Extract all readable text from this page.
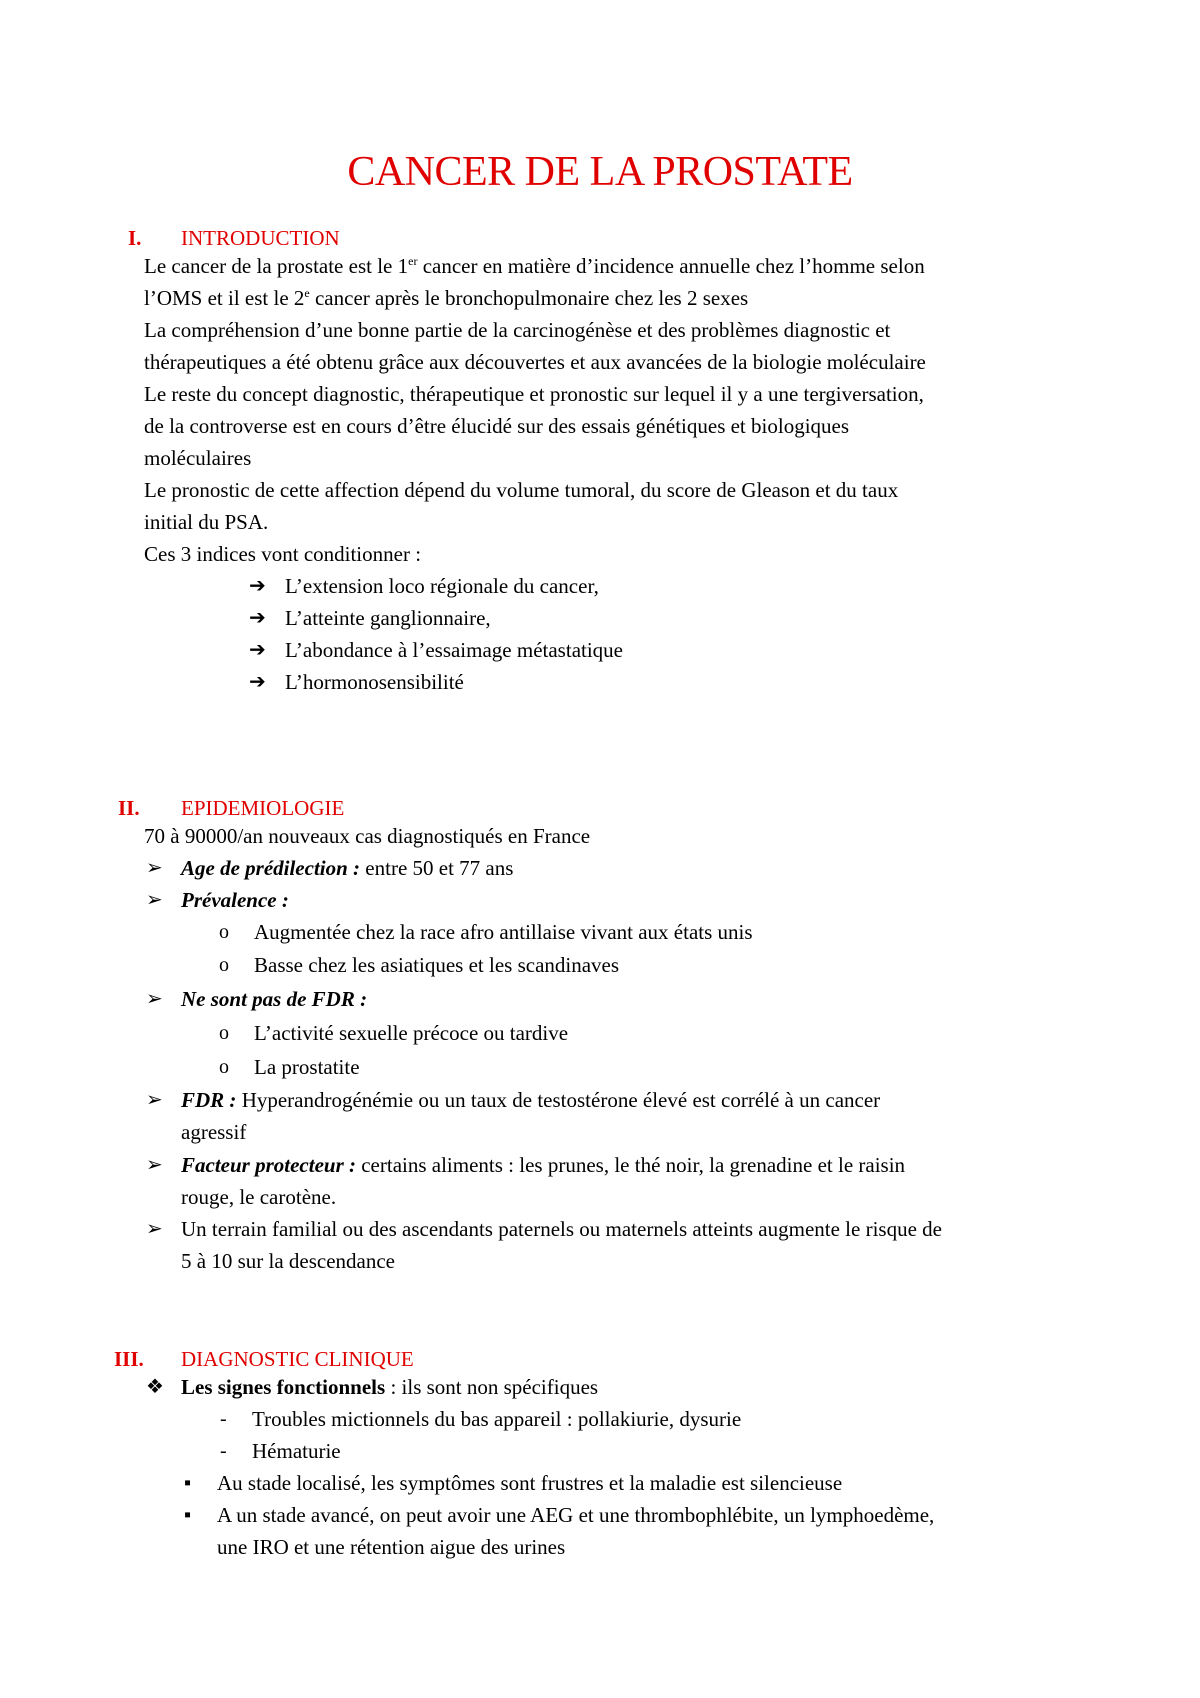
CANCER DE LA PROSTATE
I. INTRODUCTION
Le cancer de la prostate est le 1er cancer en matière d’incidence annuelle chez l’homme selon
l’OMS et il est le 2e cancer après le bronchopulmonaire chez les 2 sexes
La compréhension d’une bonne partie de la carcinogénèse et des problèmes diagnostic et
thérapeutiques a été obtenu grâce aux découvertes et aux avancées de la biologie moléculaire
Le reste du concept diagnostic, thérapeutique et pronostic sur lequel il y a une tergiversation,
de la controverse est en cours d’être élucidé sur des essais génétiques et biologiques
moléculaires
Le pronostic de cette affection dépend du volume tumoral, du score de Gleason et du taux
initial du PSA.
Ces 3 indices vont conditionner :
➔ L’extension loco régionale du cancer,
➔ L’atteinte ganglionnaire,
➔ L’abondance à l’essaimage métastatique
➔ L’hormonosensibilité
II. EPIDEMIOLOGIE
70 à 90000/an nouveaux cas diagnostiqués en France
➢ Age de prédilection : entre 50 et 77 ans
➢ Prévalence :
o Augmentée chez la race afro antillaise vivant aux états unis
o Basse chez les asiatiques et les scandinaves
➢ Ne sont pas de FDR :
o L’activité sexuelle précoce ou tardive
o La prostatite
➢ FDR : Hyperandrogénémie ou un taux de testostérone élevé est corrélé à un cancer
agressif
➢ Facteur protecteur : certains aliments : les prunes, le thé noir, la grenadine et le raisin
rouge, le carotène.
➢ Un terrain familial ou des ascendants paternels ou maternels atteints augmente le risque de
5 à 10 sur la descendance
III. DIAGNOSTIC CLINIQUE
❖ Les signes fonctionnels : ils sont non spécifiques
- Troubles mictionnels du bas appareil : pollakiurie, dysurie
- Hématurie
▪ Au stade localisé, les symptômes sont frustres et la maladie est silencieuse
▪ A un stade avancé, on peut avoir une AEG et une thrombophlébite, un lymphoedème,
une IRO et une rétention aigue des urines
